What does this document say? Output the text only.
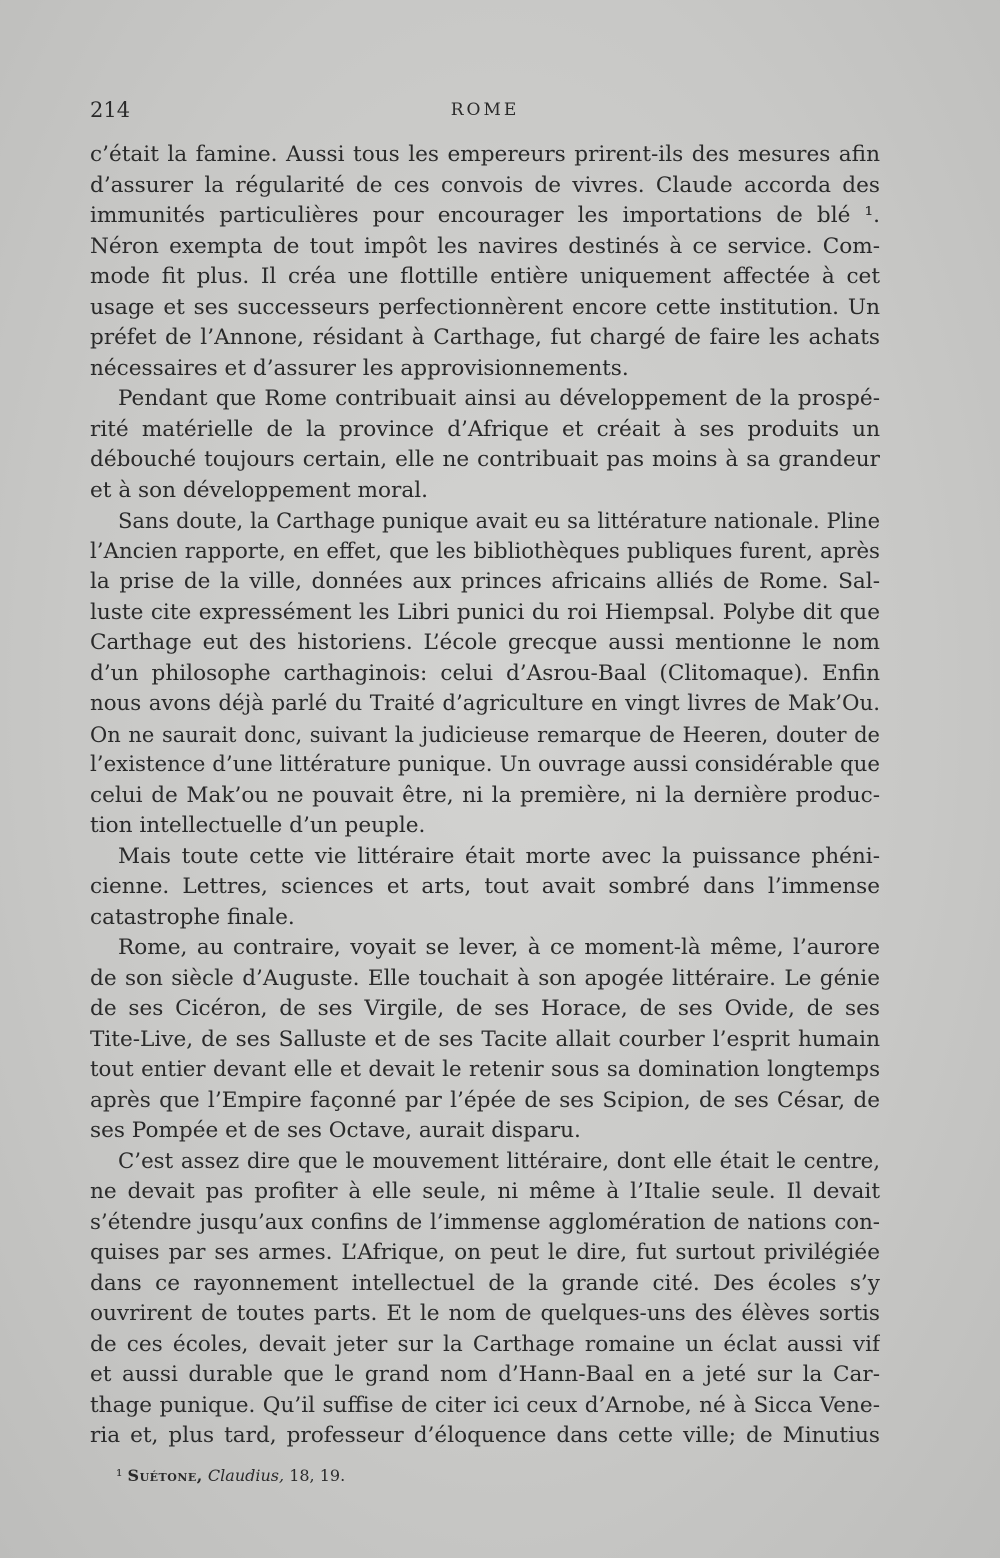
214	ROME
c’était la famine. Aussi tous les empereurs prirent-ils des mesures afin
d’assurer la régularité de ces convois de vivres. Claude accorda des
immunités particulières pour encourager les importations de blé ¹.
Néron exempta de tout impôt les navires destinés à ce service. Com-
mode fit plus. Il créa une flottille entière uniquement affectée à cet
usage et ses successeurs perfectionnèrent encore cette institution. Un
préfet de l’Annone, résidant à Carthage, fut chargé de faire les achats
nécessaires et d’assurer les approvisionnements.
Pendant que Rome contribuait ainsi au développement de la prospé-
rité matérielle de la province d’Afrique et créait à ses produits un
débouché toujours certain, elle ne contribuait pas moins à sa grandeur
et à son développement moral.
Sans doute, la Carthage punique avait eu sa littérature nationale. Pline
l’Ancien rapporte, en effet, que les bibliothèques publiques furent, après
la prise de la ville, données aux princes africains alliés de Rome. Sal-
luste cite expressément les Libri punici du roi Hiempsal. Polybe dit que
Carthage eut des historiens. L’école grecque aussi mentionne le nom
d’un philosophe carthaginois: celui d’Asrou-Baal (Clitomaque). Enfin
nous avons déjà parlé du Traité d’agriculture en vingt livres de Mak’Ou.
On ne saurait donc, suivant la judicieuse remarque de Heeren, douter de
l’existence d’une littérature punique. Un ouvrage aussi considérable que
celui de Mak’ou ne pouvait être, ni la première, ni la dernière produc-
tion intellectuelle d’un peuple.
Mais toute cette vie littéraire était morte avec la puissance phéni-
cienne. Lettres, sciences et arts, tout avait sombré dans l’immense
catastrophe finale.
Rome, au contraire, voyait se lever, à ce moment-là même, l’aurore
de son siècle d’Auguste. Elle touchait à son apogée littéraire. Le génie
de ses Cicéron, de ses Virgile, de ses Horace, de ses Ovide, de ses
Tite-Live, de ses Salluste et de ses Tacite allait courber l’esprit humain
tout entier devant elle et devait le retenir sous sa domination longtemps
après que l’Empire façonné par l’épée de ses Scipion, de ses César, de
ses Pompée et de ses Octave, aurait disparu.
C’est assez dire que le mouvement littéraire, dont elle était le centre,
ne devait pas profiter à elle seule, ni même à l’Italie seule. Il devait
s’étendre jusqu’aux confins de l’immense agglomération de nations con-
quises par ses armes. L’Afrique, on peut le dire, fut surtout privilégiée
dans ce rayonnement intellectuel de la grande cité. Des écoles s’y
ouvrirent de toutes parts. Et le nom de quelques-uns des élèves sortis
de ces écoles, devait jeter sur la Carthage romaine un éclat aussi vif
et aussi durable que le grand nom d’Hann-Baal en a jeté sur la Car-
thage punique. Qu’il suffise de citer ici ceux d’Arnobe, né à Sicca Vene-
ria et, plus tard, professeur d’éloquence dans cette ville; de Minutius
¹ Suétone, Claudius, 18, 19.
